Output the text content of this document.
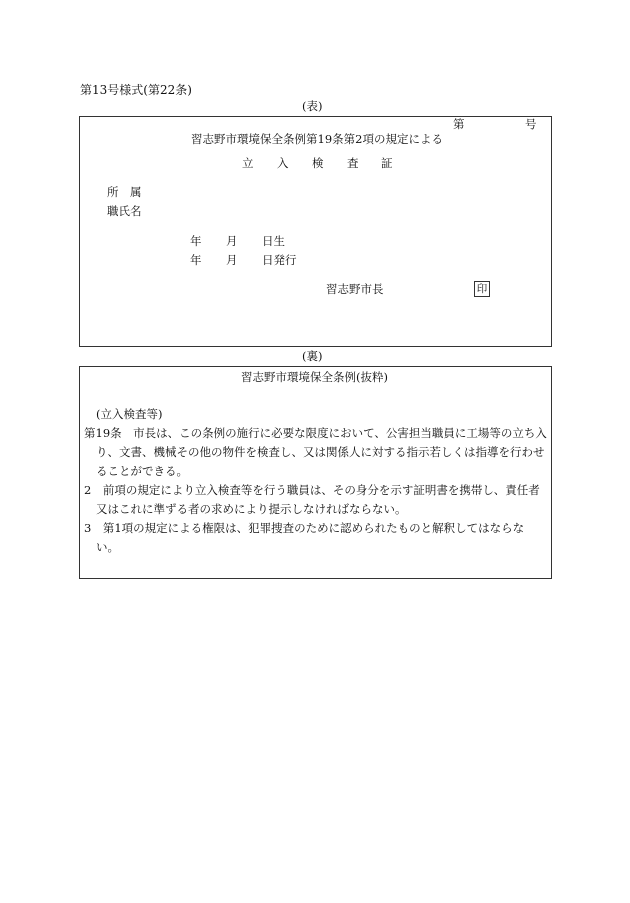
第13号様式(第22条)
(表)
第	号
習志野市環境保全条例第19条第2項の規定による
立 入 検 査 証
所　属
職氏名
年 月 日生
年 月 日発行
習志野市長	印
(裏)
習志野市環境保全条例(抜粋)
(立入検査等)
第19条　市長は、この条例の施行に必要な限度において、公害担当職員に工場等の立ち入
り、文書、機械その他の物件を検査し、又は関係人に対する指示若しくは指導を行わせ
ることができる。
2　前項の規定により立入検査等を行う職員は、その身分を示す証明書を携帯し、責任者
又はこれに準ずる者の求めにより提示しなければならない。
3　第1項の規定による権限は、犯罪捜査のために認められたものと解釈してはならな
い。
